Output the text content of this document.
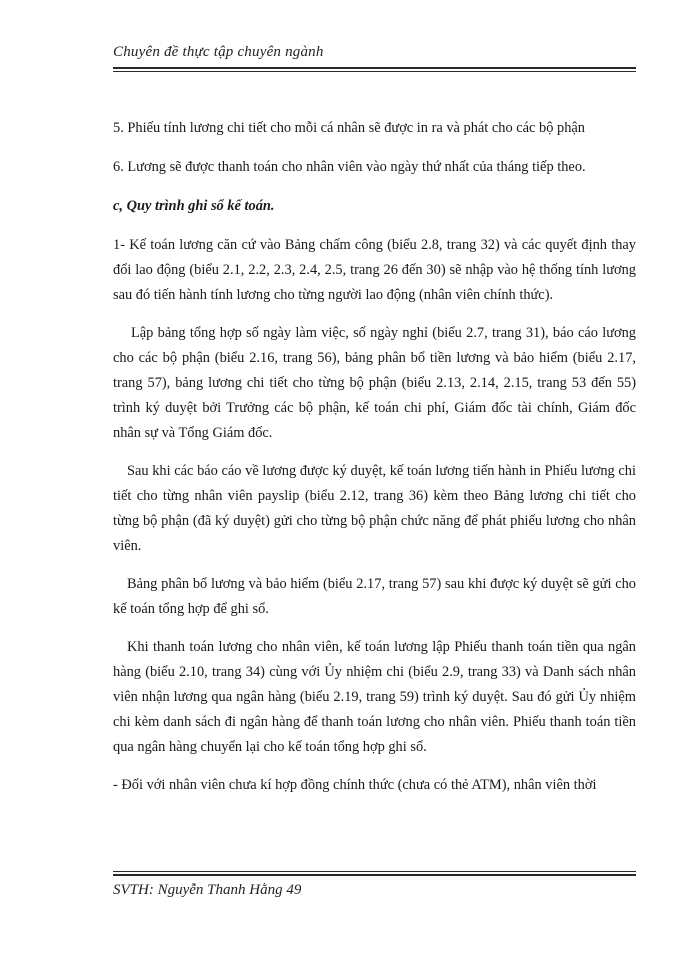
Chuyên đề thực tập chuyên ngành

5. Phiếu tính lương chi tiết cho mỗi cá nhân sẽ được in ra và phát cho các bộ phận

6. Lương sẽ được thanh toán cho nhân viên vào ngày thứ nhất của tháng tiếp theo.

c, Quy trình ghi sổ kế toán.

1- Kế toán lương căn cứ vào Bảng chấm công (biểu 2.8, trang 32) và các quyết định thay đổi lao động (biểu 2.1, 2.2, 2.3, 2.4, 2.5, trang 26 đến 30) sẽ nhập vào hệ thống tính lương sau đó tiến hành tính lương cho từng người lao động (nhân viên chính thức).

Lập bảng tổng hợp số ngày làm việc, số ngày nghỉ (biểu 2.7, trang 31), báo cáo lương cho các bộ phận (biểu 2.16, trang 56), bảng phân bổ tiền lương và bảo hiểm (biểu 2.17, trang 57), bảng lương chi tiết cho từng bộ phận (biểu 2.13, 2.14, 2.15, trang 53 đến 55) trình ký duyệt bởi Trưởng các bộ phận, kế toán chi phí, Giám đốc tài chính, Giám đốc nhân sự và Tổng Giám đốc.

Sau khi các báo cáo về lương được ký duyệt, kế toán lương tiến hành in Phiếu lương chi tiết cho từng nhân viên payslip (biểu 2.12, trang 36) kèm theo Bảng lương chi tiết cho từng bộ phận (đã ký duyệt) gửi cho từng bộ phận chức năng để phát phiếu lương cho nhân viên.

Bảng phân bổ lương và bảo hiểm (biểu 2.17, trang 57) sau khi được ký duyệt sẽ gửi cho kế toán tổng hợp để ghi sổ.

Khi thanh toán lương cho nhân viên, kế toán lương lập Phiếu thanh toán tiền qua ngân hàng (biểu 2.10, trang 34) cùng với Ủy nhiệm chi (biểu 2.9, trang 33) và Danh sách nhân viên nhận lương qua ngân hàng (biểu 2.19, trang 59) trình ký duyệt. Sau đó gửi Ủy nhiệm chi kèm danh sách đi ngân hàng để thanh toán lương cho nhân viên. Phiếu thanh toán tiền qua ngân hàng chuyển lại cho kế toán tổng hợp ghi sổ.

- Đối với nhân viên chưa kí hợp đồng chính thức (chưa có thẻ ATM), nhân viên thời

SVTH: Nguyễn Thanh Hằng 49
